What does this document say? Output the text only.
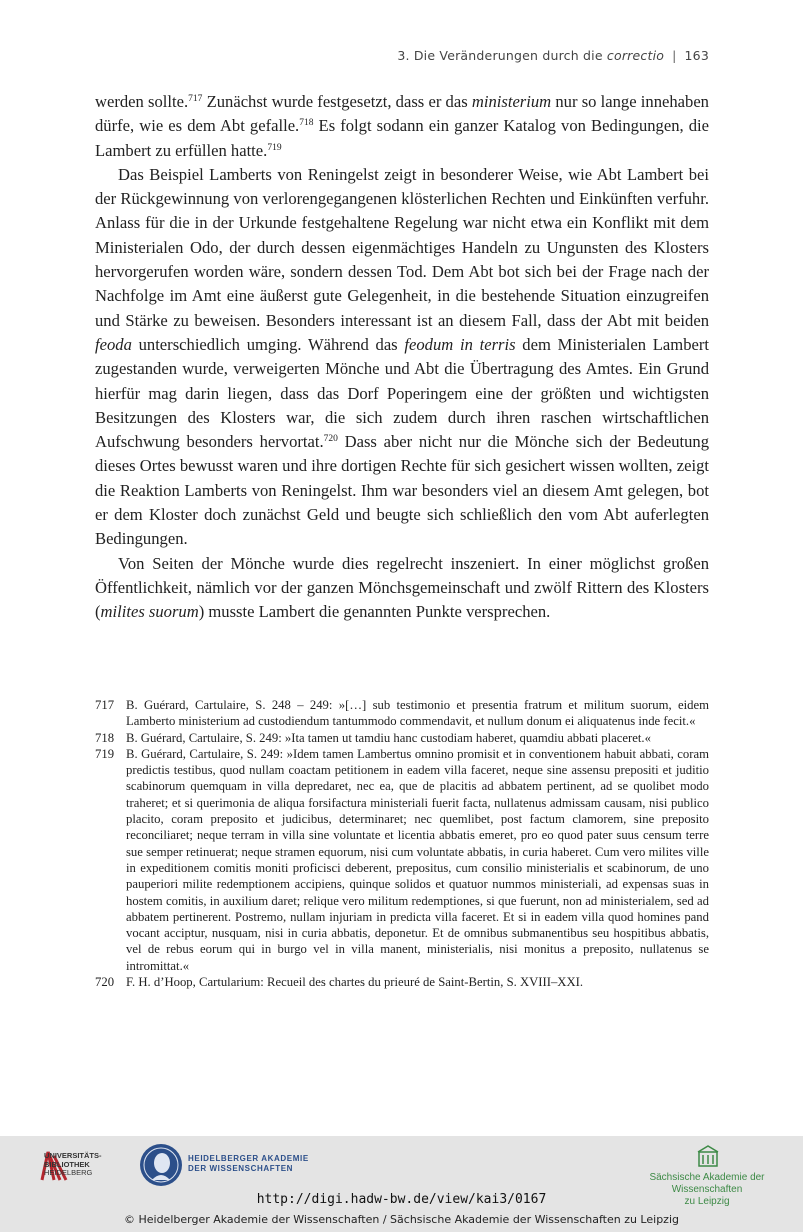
3. Die Veränderungen durch die correctio | 163

werden sollte.$^{717}$ Zunächst wurde festgesetzt, dass er das ministerium nur so lange innehaben dürfe, wie es dem Abt gefalle.$^{718}$ Es folgt sodann ein ganzer Katalog von Bedingungen, die Lambert zu erfüllen hatte.$^{719}$

Das Beispiel Lamberts von Reningelst zeigt in besonderer Weise, wie Abt Lambert bei der Rückgewinnung von verlorengegangenen klösterlichen Rechten und Einkünften verfuhr. Anlass für die in der Urkunde festgehaltene Regelung war nicht etwa ein Konflikt mit dem Ministerialen Odo, der durch dessen eigenmächtiges Handeln zu Ungunsten des Klosters hervorgerufen worden wäre, sondern dessen Tod. Dem Abt bot sich bei der Frage nach der Nachfolge im Amt eine äußerst gute Gelegenheit, in die bestehende Situation einzugreifen und Stärke zu beweisen. Besonders interessant ist an diesem Fall, dass der Abt mit beiden feoda unterschiedlich umging. Während das feodum in terris dem Ministerialen Lambert zugestanden wurde, verweigerten Mönche und Abt die Übertragung des Amtes. Ein Grund hierfür mag darin liegen, dass das Dorf Poperingem eine der größten und wichtigsten Besitzungen des Klosters war, die sich zudem durch ihren raschen wirtschaftlichen Aufschwung besonders hervortat.$^{720}$ Dass aber nicht nur die Mönche sich der Bedeutung dieses Ortes bewusst waren und ihre dortigen Rechte für sich gesichert wissen wollten, zeigt die Reaktion Lamberts von Reningelst. Ihm war besonders viel an diesem Amt gelegen, bot er dem Kloster doch zunächst Geld und beugte sich schließlich den vom Abt auferlegten Bedingungen.

Von Seiten der Mönche wurde dies regelrecht inszeniert. In einer möglichst großen Öffentlichkeit, nämlich vor der ganzen Mönchsgemeinschaft und zwölf Rittern des Klosters (milites suorum) musste Lambert die genannten Punkte versprechen.

717 B. Guérard, Cartulaire, S. 248 – 249: »[…] sub testimonio et presentia fratrum et militum suorum, eidem Lamberto ministerium ad custodiendum tantummodo commendavit, et nullum donum ei aliquatenus inde fecit.«
718 B. Guérard, Cartulaire, S. 249: »Ita tamen ut tamdiu hanc custodiam haberet, quamdiu abbati placeret.«
719 B. Guérard, Cartulaire, S. 249: »Idem tamen Lambertus omnino promisit et in conventionem habuit abbati, coram predictis testibus, quod nullam coactam petitionem in eadem villa faceret, neque sine assensu prepositi et juditio scabinorum quemquam in villa depredaret, nec ea, que de placitis ad abbatem pertinent, ad se quolibet modo traheret; et si querimonia de aliqua forsifactura ministeriali fuerit facta, nullatenus admissam causam, nisi publico placito, coram preposito et judicibus, determinaret; nec quemlibet, post factum clamorem, sine preposito reconciliaret; neque terram in villa sine voluntate et licentia abbatis emeret, pro eo quod pater suus censum terre sue semper retinuerat; neque stramen equorum, nisi cum voluntate abbatis, in curia haberet. Cum vero milites ville in expeditionem comitis moniti proficisci deberent, prepositus, cum consilio ministerialis et scabinorum, de uno pauperiori milite redemptionem accipiens, quinque solidos et quatuor nummos ministeriali, ad expensas suas in hostem comitis, in auxilium daret; relique vero militum redemptiones, si que fuerunt, non ad ministerialem, sed ad abbatem pertinerent. Postremo, nullam injuriam in predicta villa faceret. Et si in eadem villa quod homines pand vocant acciptur, nusquam, nisi in curia abbatis, deponetur. Et de omnibus submanentibus seu hospitibus abbatis, vel de rebus eorum qui in burgo vel in villa manent, ministerialis, nisi monitus a preposito, nullatenus se intromittat.«
720 F. H. d’Hoop, Cartularium: Recueil des chartes du prieuré de Saint-Bertin, S. XVIII–XXI.
UNIVERSITÄTS-
BIBLIOTHEK
HEIDELBERG
HEIDELBERGER AKADEMIE
DER WISSENSCHAFTEN
Sächsische Akademie der Wissenschaften
zu Leipzig
http://digi.hadw-bw.de/view/kai3/0167
© Heidelberger Akademie der Wissenschaften / Sächsische Akademie der Wissenschaften zu Leipzig
